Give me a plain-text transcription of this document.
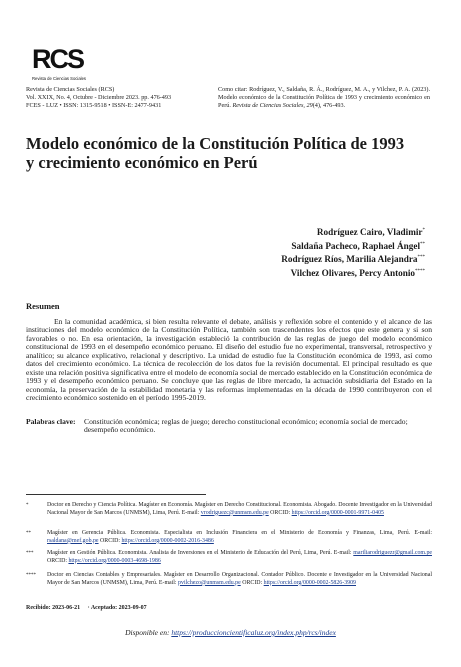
RCS
Revista de Ciencias Sociales
Revista de Ciencias Sociales (RCS)
Vol. XXIX, No. 4, Octubre - Diciembre 2023. pp. 476-493
FCES - LUZ • ISSN: 1315-9518 • ISSN-E: 2477-9431
Como citar: Rodríguez, V., Saldaña, R. Á., Rodríguez, M. A., y Vilchez, P. A. (2023). Modelo económico de la Constitución Política de 1993 y crecimiento económico en Perú. Revista de Ciencias Sociales, 29(4), 476-493.
Modelo económico de la Constitución Política de 1993 y crecimiento económico en Perú
Rodríguez Cairo, Vladimir*
Saldaña Pacheco, Raphael Ángel**
Rodríguez Ríos, Marilia Alejandra***
Vilchez Olivares, Percy Antonio****
Resumen
En la comunidad académica, si bien resulta relevante el debate, análisis y reflexión sobre el contenido y el alcance de las instituciones del modelo económico de la Constitución Política, también son trascendentes los efectos que este genera y si son favorables o no. En esa orientación, la investigación estableció la contribución de las reglas de juego del modelo económico constitucional de 1993 en el desempeño económico peruano. El diseño del estudio fue no experimental, transversal, retrospectivo y analítico; su alcance explicativo, relacional y descriptivo. La unidad de estudio fue la Constitución económica de 1993, así como datos del crecimiento económico. La técnica de recolección de los datos fue la revisión documental. El principal resultado es que existe una relación positiva significativa entre el modelo de economía social de mercado establecido en la Constitución económica de 1993 y el desempeño económico peruano. Se concluye que las reglas de libre mercado, la actuación subsidiaria del Estado en la economía, la preservación de la estabilidad monetaria y las reformas implementadas en la década de 1990 contribuyeron con el crecimiento económico sostenido en el período 1995-2019.
Palabras clave: Constitución económica; reglas de juego; derecho constitucional económico; economía social de mercado; desempeño económico.
*	Doctor en Derecho y Ciencia Política. Magíster en Economía. Magíster en Derecho Constitucional. Economista. Abogado. Docente Investigador en la Universidad Nacional Mayor de San Marcos (UNMSM), Lima, Perú. E-mail: vrodriguezc@unmsm.edu.pe ORCID: https://orcid.org/0000-0001-9971-0405
**	Magíster en Gerencia Pública. Economista. Especialista en Inclusión Financiera en el Ministerio de Economía y Finanzas, Lima, Perú. E-mail: rsaldana@mef.gob.pe ORCID: https://orcid.org/0000-0002-2016-3486
*** Magíster en Gestión Pública. Economista. Analista de Inversiones en el Ministerio de Educación del Perú, Lima, Perú. E-mail: mariliarodriguezr@gmail.com.pe ORCID: https://orcid.org/0000-0003-4698-1986
**** Doctor en Ciencias Contables y Empresariales. Magíster en Desarrollo Organizacional. Contador Público. Docente e Investigador en la Universidad Nacional Mayor de San Marcos (UNMSM), Lima, Perú. E-mail: pvilchezo@unmsm.edu.pe ORCID: https://orcid.org/0000-0002-5826-3909
Recibido: 2023-06-21 · Aceptado: 2023-09-07
Disponible en: https://produccioncientificaluz.org/index.php/rcs/index
